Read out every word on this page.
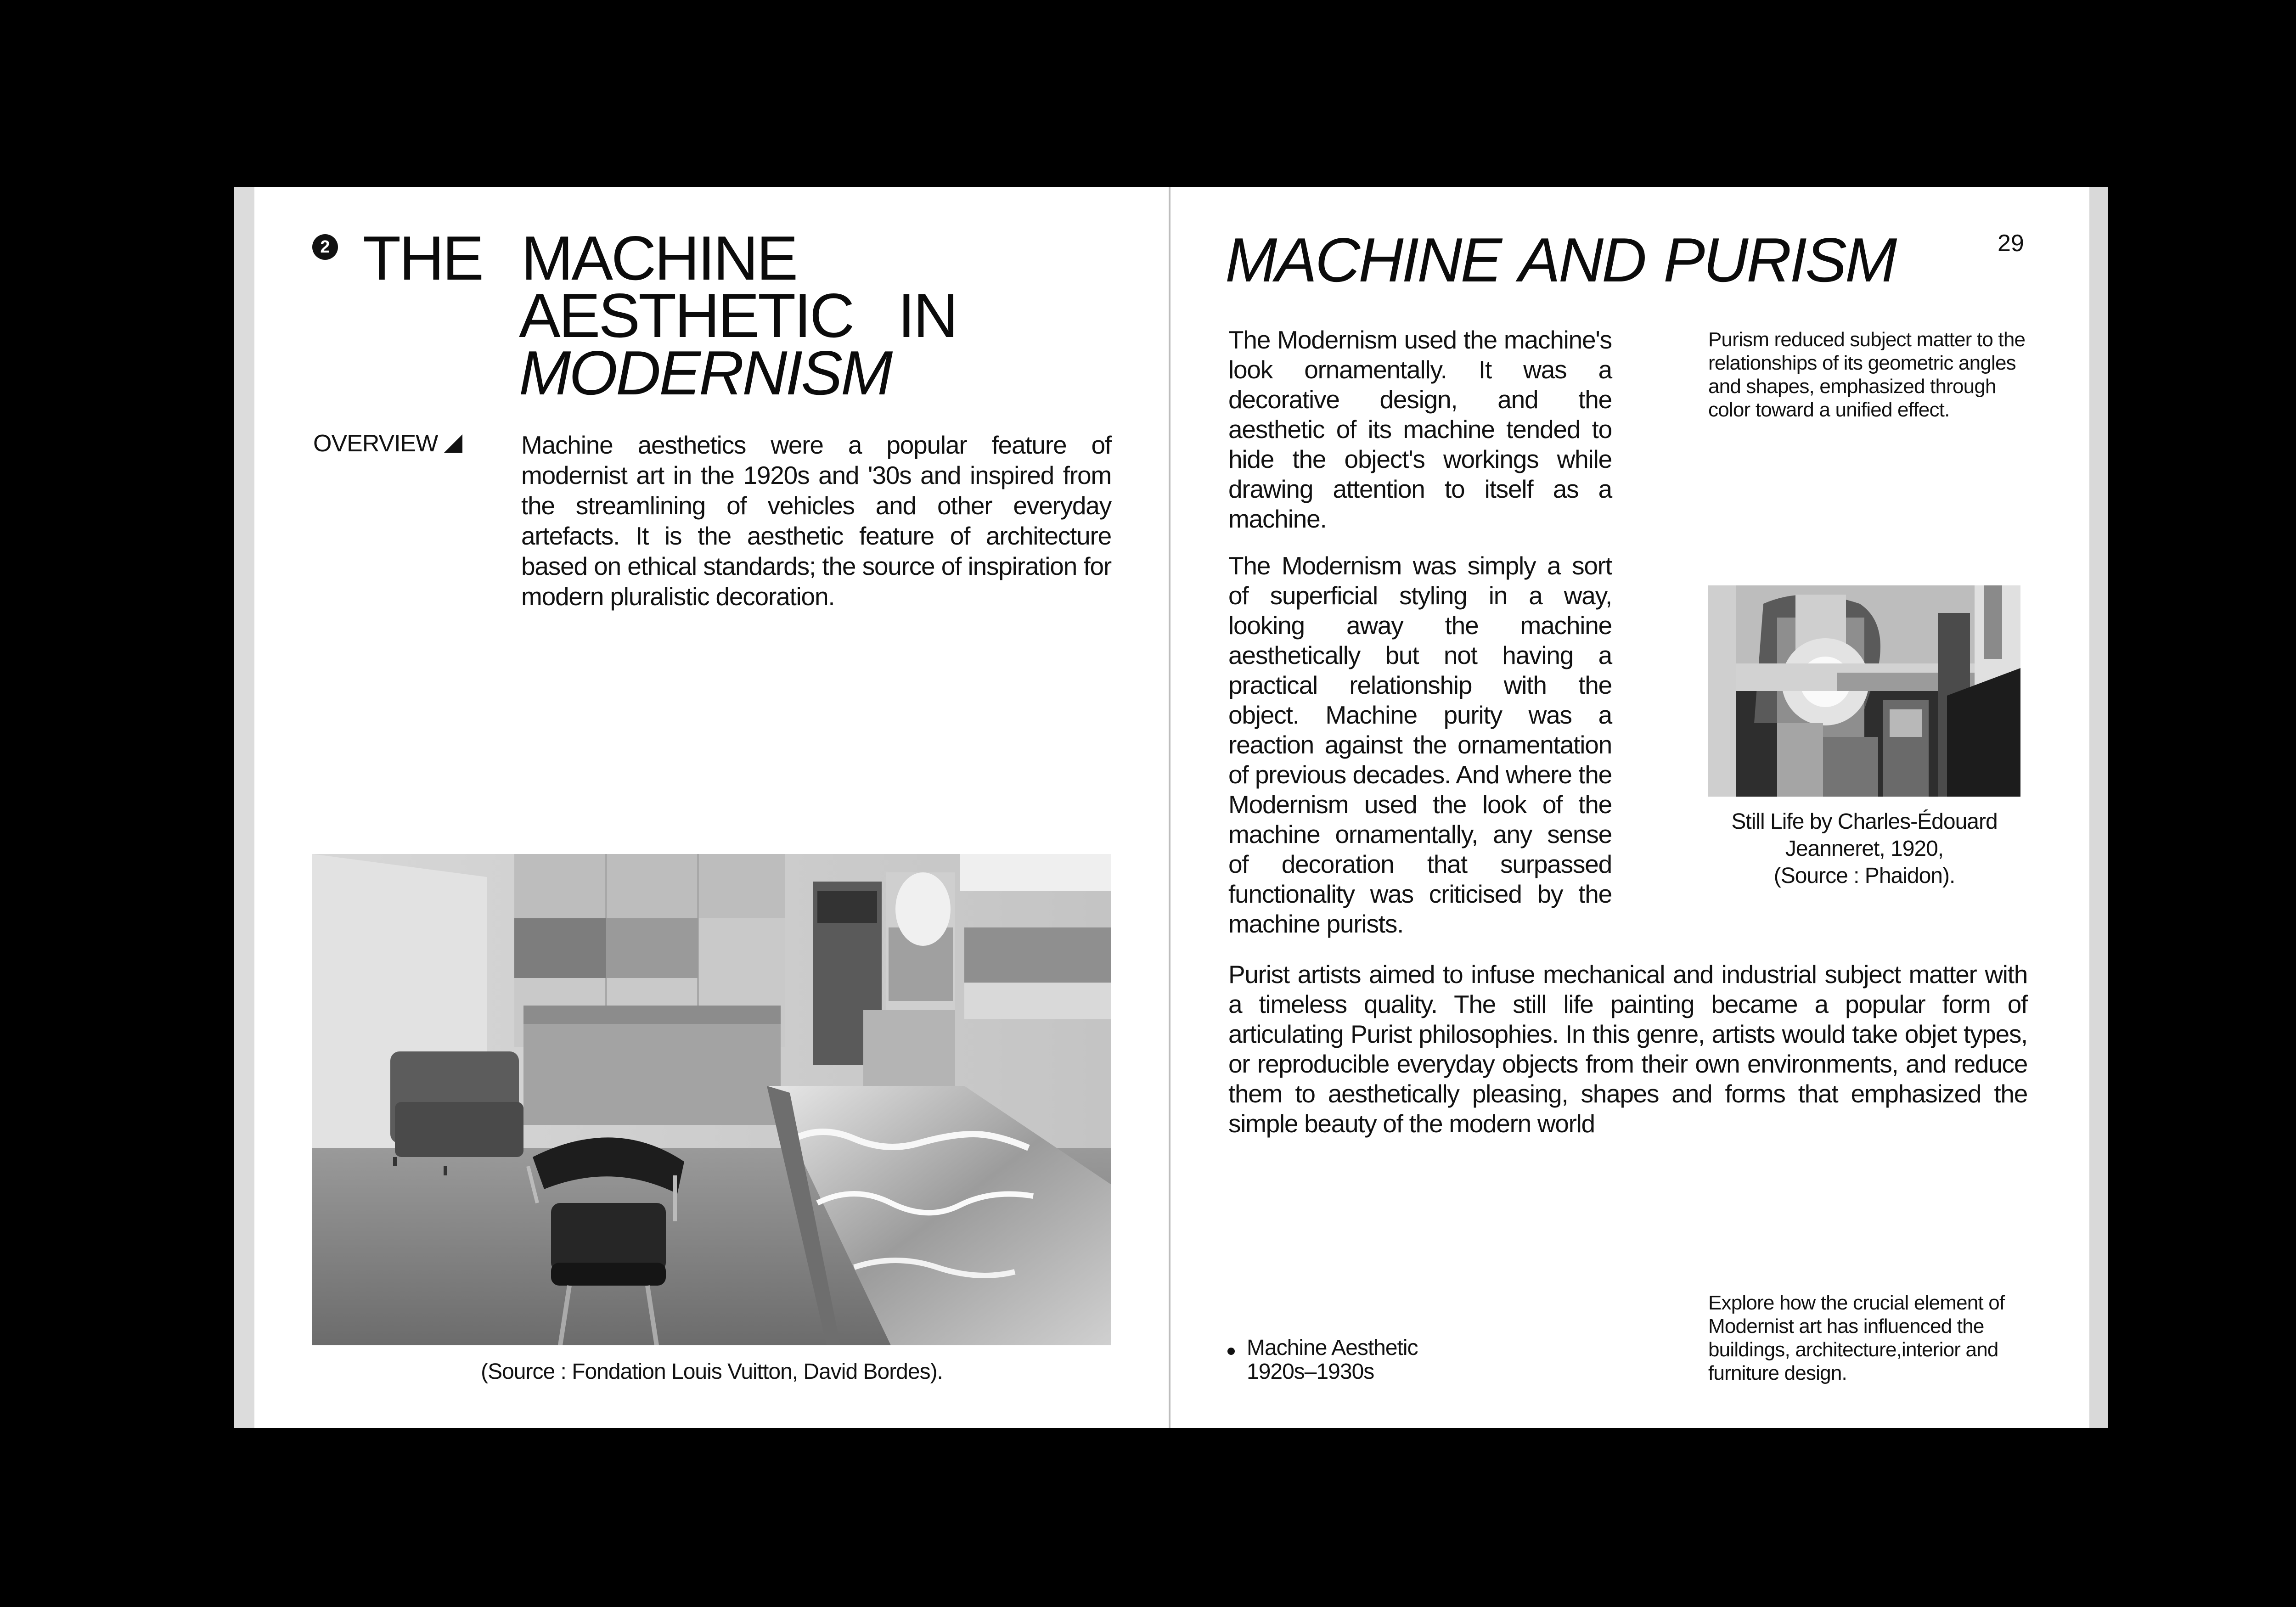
2 THE MACHINE
AESTHETIC IN
MODERNISM
OVERVIEW	Machine aesthetics were a popular feature of modernist art in the 1920s and '30s and inspired from the streamlining of vehicles and other everyday artefacts. It is the aesthetic feature of architecture based on ethical standards; the source of inspiration for modern pluralistic decoration.
(Source : Fondation Louis Vuitton, David Bordes).
MACHINE AND PURISM	29
The Modernism used the machine's look ornamentally. It was a decorative design, and the aesthetic of its machine tended to hide the object's workings while drawing attention to itself as a machine.
The Modernism was simply a sort of superficial styling in a way, looking away the machine aesthetically but not having a practical relationship with the object. Machine purity was a reaction against the ornamentation of previous decades. And where the Modernism used the look of the machine ornamentally, any sense of decoration that surpassed functionality was criticised by the machine purists.
Purism reduced subject matter to the relationships of its geometric angles and shapes, emphasized through color toward a unified effect.
Still Life by Charles-Édouard
Jeanneret, 1920,
(Source : Phaidon).
Purist artists aimed to infuse mechanical and industrial subject matter with a timeless quality. The still life painting became a popular form of articulating Purist philosophies. In this genre, artists would take objet types, or reproducible everyday objects from their own environments, and reduce them to aesthetically pleasing, shapes and forms that emphasized the simple beauty of the modern world
Machine Aesthetic
1920s–1930s
Explore how the crucial element of Modernist art has influenced the buildings, architecture,interior and furniture design.
